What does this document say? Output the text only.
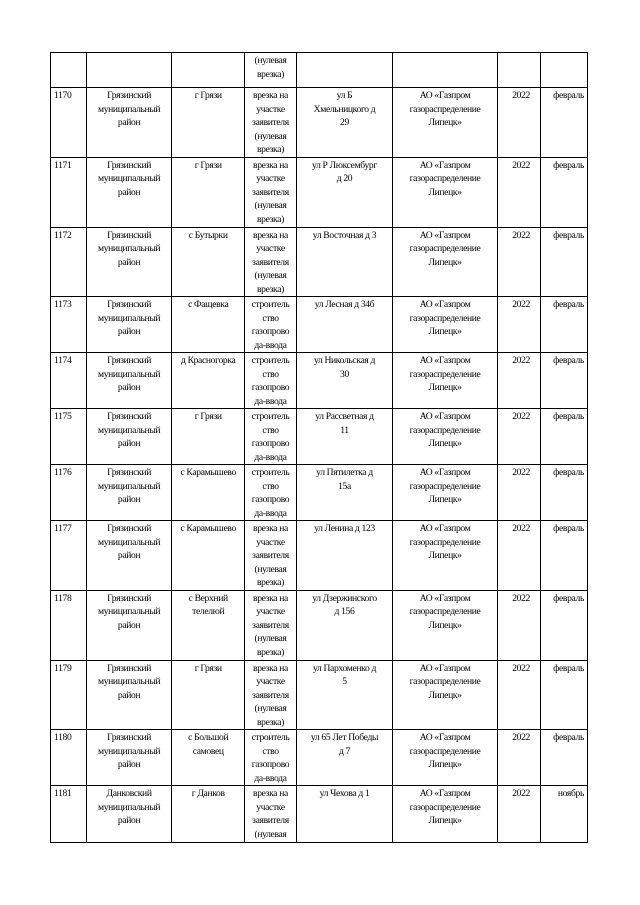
			(нулевая
врезка)				
1170	Грязинский
муниципальный
район	г Грязи	врезка на
участке
заявителя
(нулевая
врезка)	ул Б
Хмельницкого д
29	АО «Газпром
газораспределение
Липецк»	2022	февраль
1171	Грязинский
муниципальный
район	г Грязи	врезка на
участке
заявителя
(нулевая
врезка)	ул Р Люксембург
д 20	АО «Газпром
газораспределение
Липецк»	2022	февраль
1172	Грязинский
муниципальный
район	с Бутырки	врезка на
участке
заявителя
(нулевая
врезка)	ул Восточная д 3	АО «Газпром
газораспределение
Липецк»	2022	февраль
1173	Грязинский
муниципальный
район	с Фащевка	строитель
ство
газопрово
да-ввода	ул Лесная д 34б	АО «Газпром
газораспределение
Липецк»	2022	февраль
1174	Грязинский
муниципальный
район	д Красногорка	строитель
ство
газопрово
да-ввода	ул Никольская д
30	АО «Газпром
газораспределение
Липецк»	2022	февраль
1175	Грязинский
муниципальный
район	г Грязи	строитель
ство
газопрово
да-ввода	ул Рассветная д
11	АО «Газпром
газораспределение
Липецк»	2022	февраль
1176	Грязинский
муниципальный
район	с Карамышево	строитель
ство
газопрово
да-ввода	ул Пятилетка д
15а	АО «Газпром
газораспределение
Липецк»	2022	февраль
1177	Грязинский
муниципальный
район	с Карамышево	врезка на
участке
заявителя
(нулевая
врезка)	ул Ленина д 123	АО «Газпром
газораспределение
Липецк»	2022	февраль
1178	Грязинский
муниципальный
район	с Верхний
телелюй	врезка на
участке
заявителя
(нулевая
врезка)	ул Дзержинского
д 156	АО «Газпром
газораспределение
Липецк»	2022	февраль
1179	Грязинский
муниципальный
район	г Грязи	врезка на
участке
заявителя
(нулевая
врезка)	ул Пархоменко д
5	АО «Газпром
газораспределение
Липецк»	2022	февраль
1180	Грязинский
муниципальный
район	с Большой
самовец	строитель
ство
газопрово
да-ввода	ул 65 Лет Победы
д 7	АО «Газпром
газораспределение
Липецк»	2022	февраль
1181	Данковский
муниципальный
район	г Данков	врезка на
участке
заявителя
(нулевая	ул Чехова д 1	АО «Газпром
газораспределение
Липецк»	2022	ноябрь
